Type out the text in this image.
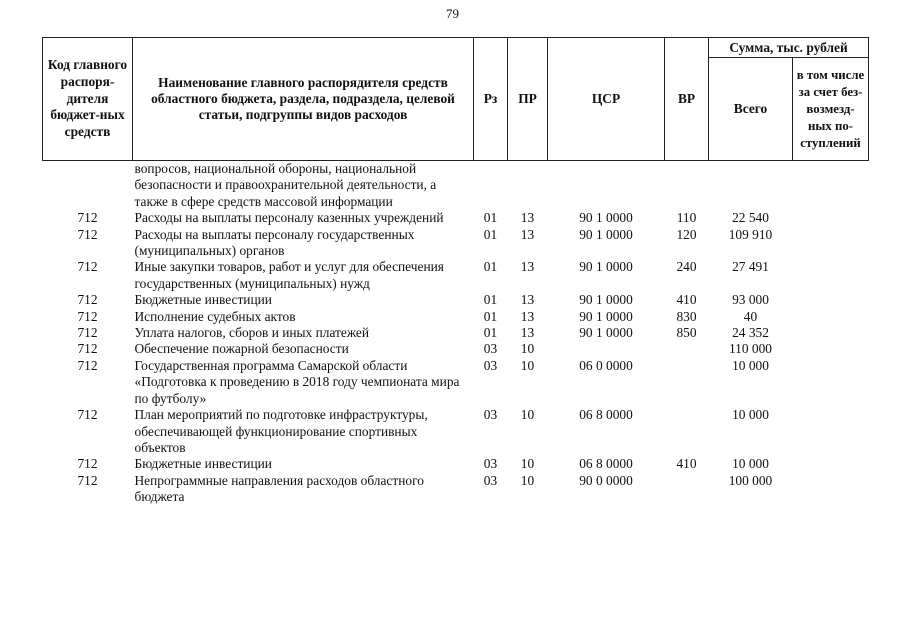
79
Код главного распоря-дителя бюджет-ных средств	Наименование главного распорядителя средств областного бюджета, раздела, подраздела, целевой статьи, подгруппы видов расходов	Рз	ПР	ЦСР	ВР	Сумма, тыс. рублей	
						Всего	в том числе за счет без-возмезд-ных по-ступлений
	вопросов, национальной обороны, национальной безопасности и правоохранительной деятельности, а также в сфере средств массовой информации						
712	Расходы на выплаты персоналу казенных учреждений	01	13	90 1 0000	110	22 540	
712	Расходы на выплаты персоналу государственных (муниципальных) органов	01	13	90 1 0000	120	109 910	
712	Иные закупки товаров, работ и услуг для обеспечения государственных (муниципальных) нужд	01	13	90 1 0000	240	27 491	
712	Бюджетные инвестиции	01	13	90 1 0000	410	93 000	
712	Исполнение судебных актов	01	13	90 1 0000	830	40	
712	Уплата налогов, сборов и иных платежей	01	13	90 1 0000	850	24 352	
712	Обеспечение пожарной безопасности	03	10			110 000	
712	Государственная программа Самарской области «Подготовка к проведению в 2018 году чемпионата мира по футболу»	03	10	06 0 0000		10 000	
712	План мероприятий по подготовке инфраструктуры, обеспечивающей функционирование спортивных объектов	03	10	06 8 0000		10 000	
712	Бюджетные инвестиции	03	10	06 8 0000	410	10 000	
712	Непрограммные направления расходов областного бюджета	03	10	90 0 0000		100 000	
